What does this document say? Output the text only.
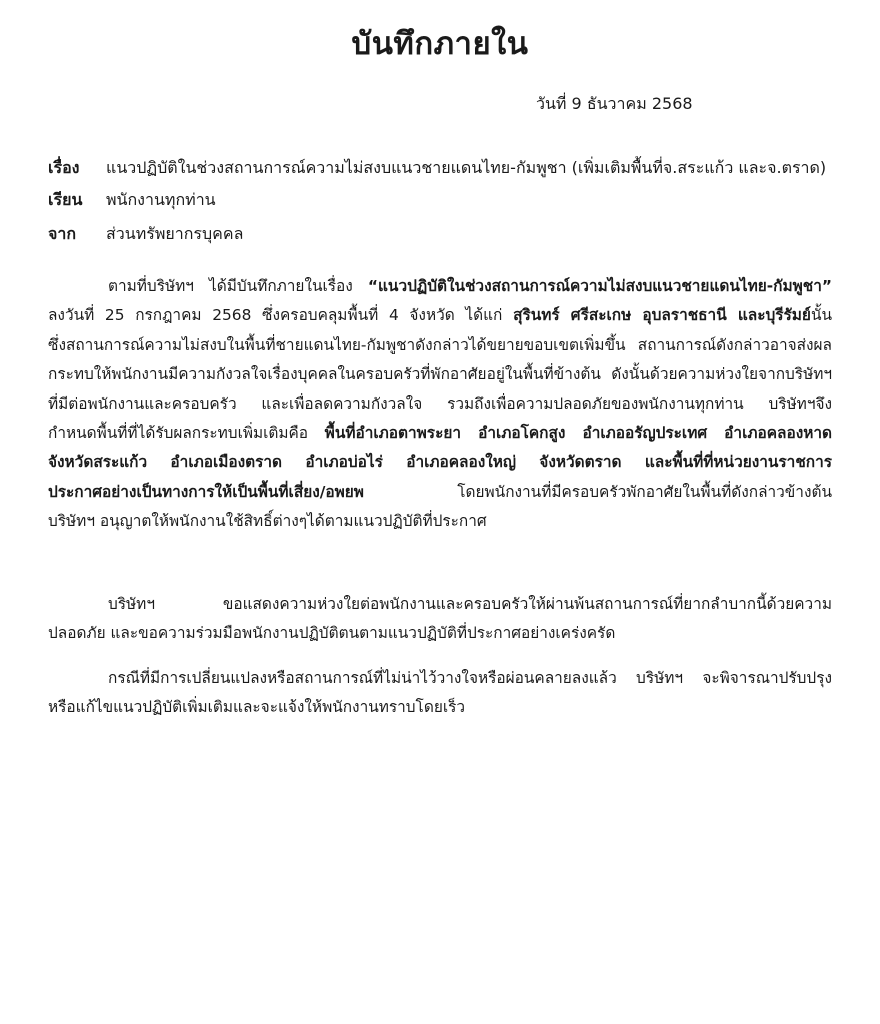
บันทึกภายใน
วันที่ 9 ธันวาคม 2568
เรื่อง แนวปฏิบัติในช่วงสถานการณ์ความไม่สงบแนวชายแดนไทย-กัมพูชา (เพิ่มเติมพื้นที่จ.สระแก้ว และจ.ตราด)
เรียน พนักงานทุกท่าน
จาก ส่วนทรัพยากรบุคคล
ตามที่บริษัทฯ ได้มีบันทึกภายในเรื่อง “แนวปฏิบัติในช่วงสถานการณ์ความไม่สงบแนวชายแดนไทย-กัมพูชา”
ลงวันที่ 25 กรกฎาคม 2568 ซึ่งครอบคลุมพื้นที่ 4 จังหวัด ได้แก่ สุรินทร์ ศรีสะเกษ อุบลราชธานี และบุรีรัมย์นั้น
ซึ่งสถานการณ์ความไม่สงบในพื้นที่ชายแดนไทย-กัมพูชาดังกล่าวได้ขยายขอบเขตเพิ่มขึ้น สถานการณ์ดังกล่าวอาจส่งผล
กระทบให้พนักงานมีความกังวลใจเรื่องบุคคลในครอบครัวที่พักอาศัยอยู่ในพื้นที่ข้างต้น ดังนั้นด้วยความห่วงใยจากบริษัทฯ
ที่มีต่อพนักงานและครอบครัว และเพื่อลดความกังวลใจ รวมถึงเพื่อความปลอดภัยของพนักงานทุกท่าน บริษัทฯจึง
กำหนดพื้นที่ที่ได้รับผลกระทบเพิ่มเติมคือ พื้นที่อำเภอตาพระยา อำเภอโคกสูง อำเภออรัญประเทศ อำเภอคลองหาด
จังหวัดสระแก้ว อำเภอเมืองตราด อำเภอบ่อไร่ อำเภอคลองใหญ่ จังหวัดตราด และพื้นที่ที่หน่วยงานราชการ
ประกาศอย่างเป็นทางการให้เป็นพื้นที่เสี่ยง/อพยพ โดยพนักงานที่มีครอบครัวพักอาศัยในพื้นที่ดังกล่าวข้างต้น
บริษัทฯ อนุญาตให้พนักงานใช้สิทธิ์ต่างๆได้ตามแนวปฏิบัติที่ประกาศ
บริษัทฯ ขอแสดงความห่วงใยต่อพนักงานและครอบครัวให้ผ่านพ้นสถานการณ์ที่ยากลำบากนี้ด้วยความ
ปลอดภัย และขอความร่วมมือพนักงานปฏิบัติตนตามแนวปฏิบัติที่ประกาศอย่างเคร่งครัด
กรณีที่มีการเปลี่ยนแปลงหรือสถานการณ์ที่ไม่น่าไว้วางใจหรือผ่อนคลายลงแล้ว บริษัทฯ จะพิจารณาปรับปรุง
หรือแก้ไขแนวปฏิบัติเพิ่มเติมและจะแจ้งให้พนักงานทราบโดยเร็ว
